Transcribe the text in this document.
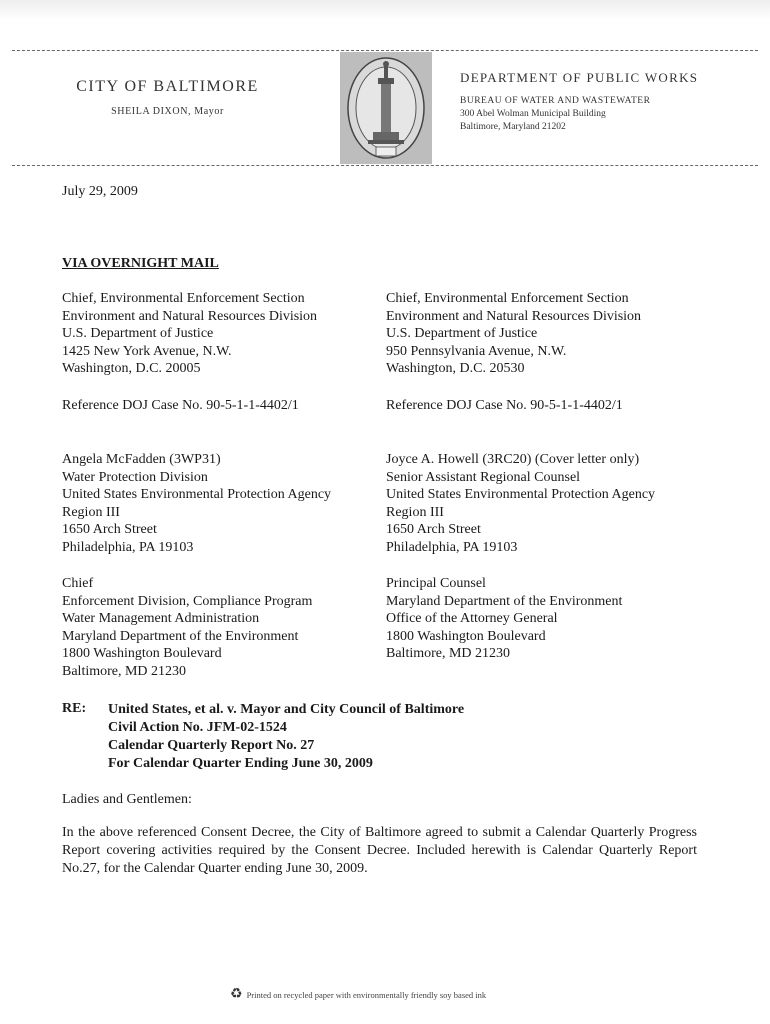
CITY OF BALTIMORE
SHEILA DIXON, Mayor
DEPARTMENT OF PUBLIC WORKS
BUREAU OF WATER AND WASTEWATER
300 Abel Wolman Municipal Building
Baltimore, Maryland 21202
July 29, 2009
VIA OVERNIGHT MAIL
Chief, Environmental Enforcement Section
Environment and Natural Resources Division
U.S. Department of Justice
1425 New York Avenue, N.W.
Washington, D.C. 20005
Reference DOJ Case No. 90-5-1-1-4402/1
Chief, Environmental Enforcement Section
Environment and Natural Resources Division
U.S. Department of Justice
950 Pennsylvania Avenue, N.W.
Washington, D.C. 20530
Reference DOJ Case No. 90-5-1-1-4402/1
Angela McFadden (3WP31)
Water Protection Division
United States Environmental Protection Agency
Region III
1650 Arch Street
Philadelphia, PA 19103
Joyce A. Howell (3RC20) (Cover letter only)
Senior Assistant Regional Counsel
United States Environmental Protection Agency
Region III
1650 Arch Street
Philadelphia, PA 19103
Chief
Enforcement Division, Compliance Program
Water Management Administration
Maryland Department of the Environment
1800 Washington Boulevard
Baltimore, MD 21230
Principal Counsel
Maryland Department of the Environment
Office of the Attorney General
1800 Washington Boulevard
Baltimore, MD 21230
RE: United States, et al. v. Mayor and City Council of Baltimore
Civil Action No. JFM-02-1524
Calendar Quarterly Report No. 27
For Calendar Quarter Ending June 30, 2009
Ladies and Gentlemen:
In the above referenced Consent Decree, the City of Baltimore agreed to submit a Calendar Quarterly Progress Report covering activities required by the Consent Decree. Included herewith is Calendar Quarterly Report No.27, for the Calendar Quarter ending June 30, 2009.
♻ Printed on recycled paper with environmentally friendly soy based ink
